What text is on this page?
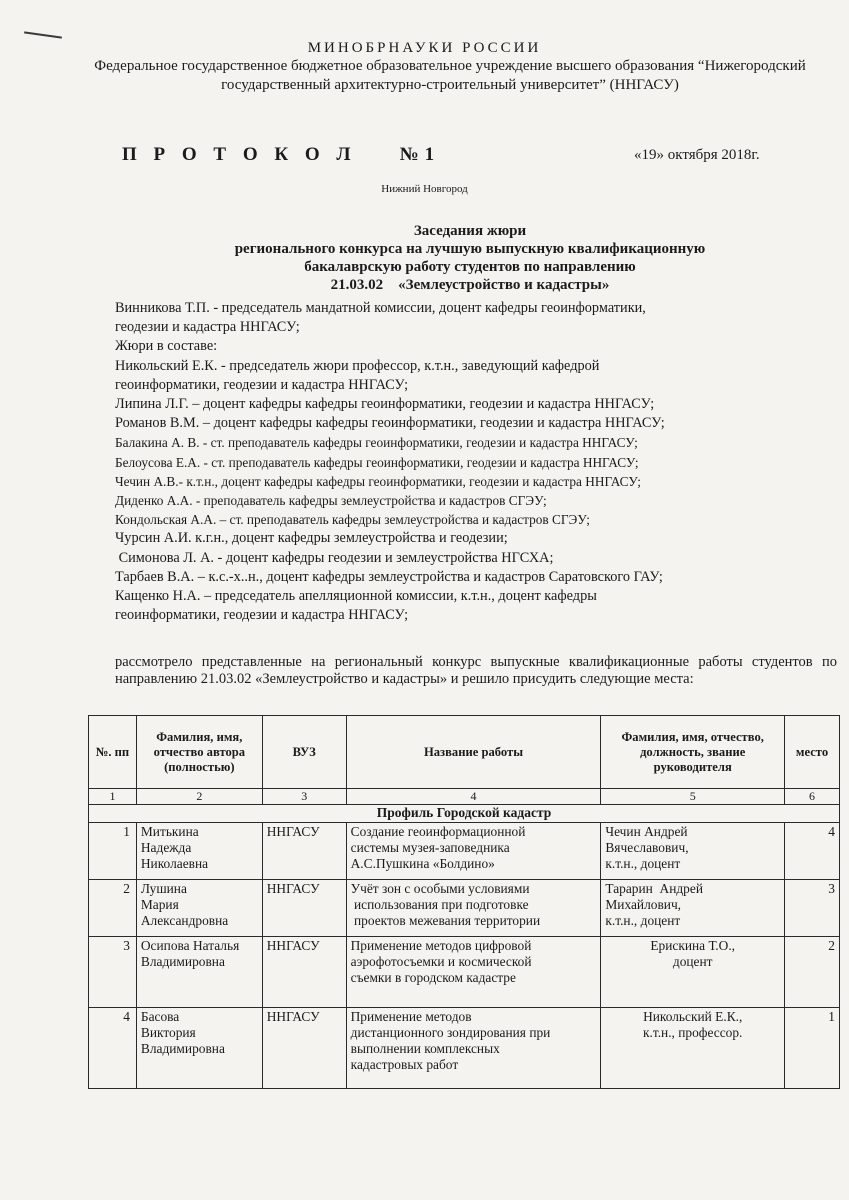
МИНОБРНАУКИ РОССИИ
Федеральное государственное бюджетное образовательное учреждение высшего образования “Нижегородский государственный архитектурно-строительный университет” (ННГАСУ)
П Р О Т О К О Л    №1	«19» октября 2018г.
Нижний Новгород
Заседания жюри
регионального конкурса на лучшую выпускную квалификационную
бакалаврскую работу студентов по направлению
21.03.02    «Землеустройство и кадастры»
Винникова Т.П. - председатель мандатной комиссии, доцент кафедры геоинформатики,
геодезии и кадастра ННГАСУ;
Жюри в составе:
Никольский Е.К. - председатель жюри профессор, к.т.н., заведующий кафедрой
геоинформатики, геодезии и кадастра ННГАСУ;
Липина Л.Г. – доцент кафедры кафедры геоинформатики, геодезии и кадастра ННГАСУ;
Романов В.М. – доцент кафедры кафедры геоинформатики, геодезии и кадастра ННГАСУ;
Балакина А. В. - ст. преподаватель кафедры геоинформатики, геодезии и кадастра ННГАСУ;
Белоусова Е.А. - ст. преподаватель кафедры геоинформатики, геодезии и кадастра ННГАСУ;
Чечин А.В.- к.т.н., доцент кафедры кафедры геоинформатики, геодезии и кадастра ННГАСУ;
Диденко А.А. - преподаватель кафедры землеустройства и кадастров СГЭУ;
Кондольская А.А. – ст. преподаватель кафедры землеустройства и кадастров СГЭУ;
Чурсин А.И. к.г.н., доцент кафедры землеустройства и геодезии;
Симонова Л. А. - доцент кафедры геодезии и землеустройства НГСХА;
Тарбаев В.А. – к.с.-х..н., доцент кафедры землеустройства и кадастров Саратовского ГАУ;
Кащенко Н.А. – председатель апелляционной комиссии, к.т.н., доцент кафедры
геоинформатики, геодезии и кадастра ННГАСУ;
рассмотрело представленные на региональный конкурс выпускные квалификационные работы студентов по направлению 21.03.02 «Землеустройство и кадастры» и решило присудить следующие места:
№. пп	Фамилия, имя, отчество автора (полностью)	ВУЗ	Название работы	Фамилия, имя, отчество, должность, звание руководителя	место
1	2	3	4	5	6
Профиль Городской кадастр					
1	Митькина
Надежда
Николаевна	ННГАСУ	Создание геоинформационной
системы музея-заповедника
А.С.Пушкина «Болдино»	Чечин Андрей
Вячеславович,
к.т.н., доцент	4
2	Лушина
Мария
Александровна	ННГАСУ	Учёт зон с особыми условиями
использования при подготовке
проектов межевания территории	Тарарин  Андрей
Михайлович,
к.т.н., доцент	3
3	Осипова Наталья
Владимировна	ННГАСУ	Применение методов цифровой
аэрофотосъемки и космической
съемки в городском кадастре	Ерискина Т.О.,
доцент	2
4	Басова
Виктория
Владимировна	ННГАСУ	Применение методов
дистанционного зондирования при
выполнении комплексных
кадастровых работ	Никольский Е.К.,
к.т.н., профессор.	1
